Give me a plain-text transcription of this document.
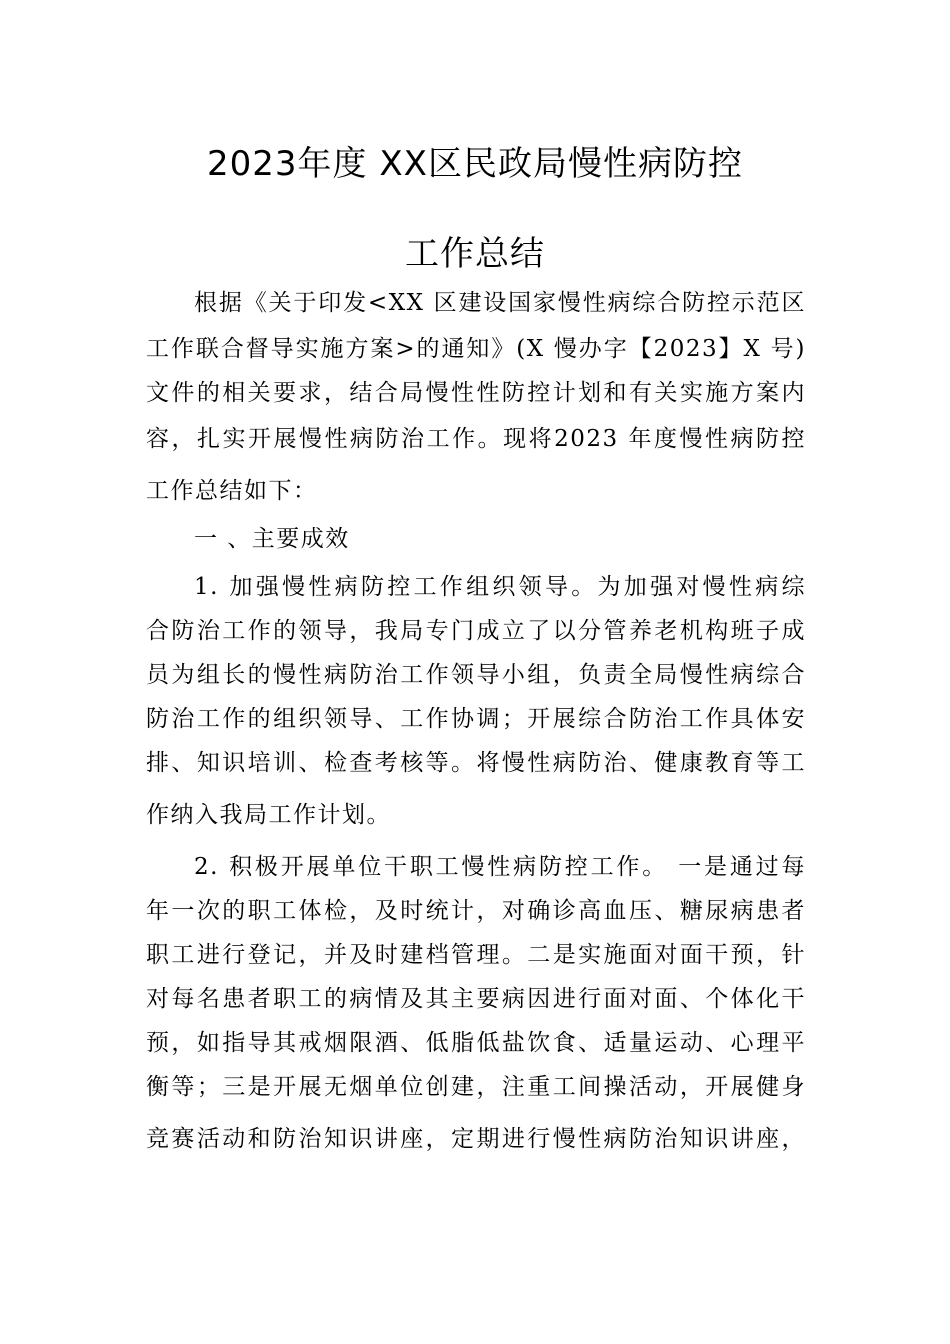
2023年度 XX区民政局慢性病防控
工作总结
根据《关于印发<XX 区建设国家慢性病综合防控示范区
工作联合督导实施方案>的通知》(X 慢办字【2023】X 号)
文件的相关要求，结合局慢性性防控计划和有关实施方案内
容，扎实开展慢性病防治工作。现将2023 年度慢性病防控
工作总结如下：
一 、主要成效
1. 加强慢性病防控工作组织领导。为加强对慢性病综
合防治工作的领导，我局专门成立了以分管养老机构班子成
员为组长的慢性病防治工作领导小组，负责全局慢性病综合
防治工作的组织领导、工作协调；开展综合防治工作具体安
排、知识培训、检查考核等。将慢性病防治、健康教育等工
作纳入我局工作计划。
2. 积极开展单位干职工慢性病防控工作。 一是通过每
年一次的职工体检，及时统计，对确诊高血压、糖尿病患者
职工进行登记，并及时建档管理。二是实施面对面干预，针
对每名患者职工的病情及其主要病因进行面对面、个体化干
预，如指导其戒烟限酒、低脂低盐饮食、适量运动、心理平
衡等；三是开展无烟单位创建，注重工间操活动，开展健身
竞赛活动和防治知识讲座，定期进行慢性病防治知识讲座，
